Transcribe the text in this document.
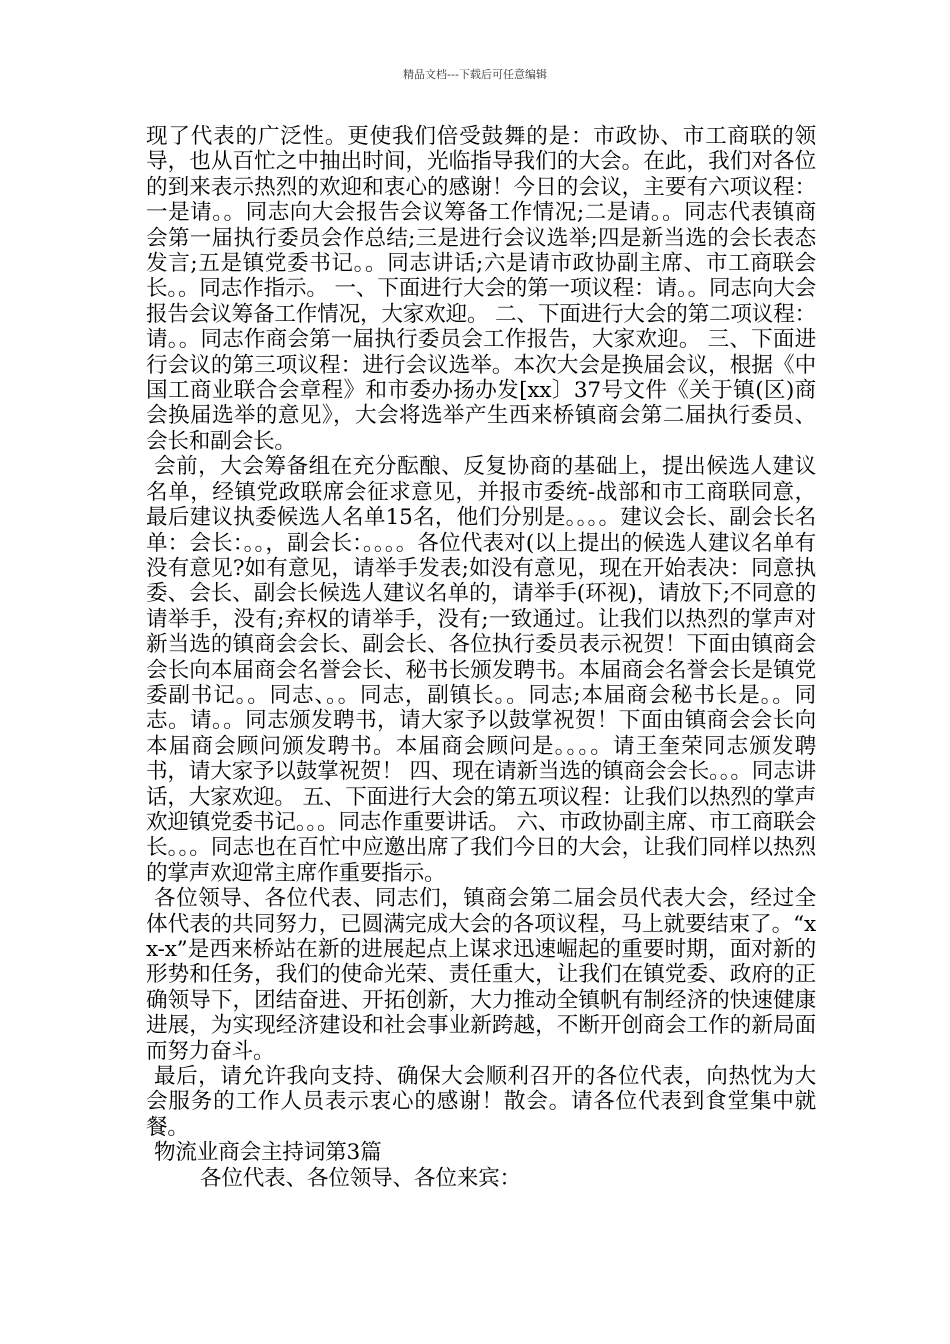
精品文档---下载后可任意编辑

现了代表的广泛性。更使我们倍受鼓舞的是：市政协、市工商联的领导，也从百忙之中抽出时间，光临指导我们的大会。在此，我们对各位的到来表示热烈的欢迎和衷心的感谢！今日的会议，主要有六项议程：一是请。。同志向大会报告会议筹备工作情况;二是请。。同志代表镇商会第一届执行委员会作总结;三是进行会议选举;四是新当选的会长表态发言;五是镇党委书记。。同志讲话;六是请市政协副主席、市工商联会长。。同志作指示。 一、下面进行大会的第一项议程：请。。同志向大会报告会议筹备工作情况，大家欢迎。 二、下面进行大会的第二项议程：请。。同志作商会第一届执行委员会工作报告，大家欢迎。 三、下面进行会议的第三项议程：进行会议选举。本次大会是换届会议，根据《中国工商业联合会章程》和市委办扬办发[xx〕37号文件《关于镇(区)商会换届选举的意见》，大会将选举产生西来桥镇商会第二届执行委员、会长和副会长。

会前，大会筹备组在充分酝酿、反复协商的基础上，提出候选人建议名单，经镇党政联席会征求意见，并报市委统-战部和市工商联同意，最后建议执委候选人名单15名，他们分别是。。。。建议会长、副会长名单：会长：。。，副会长：。。。。各位代表对(以上提出的候选人建议名单有没有意见?如有意见，请举手发表;如没有意见，现在开始表决：同意执委、会长、副会长候选人建议名单的，请举手(环视)，请放下;不同意的请举手，没有;弃权的请举手，没有;一致通过。让我们以热烈的掌声对新当选的镇商会会长、副会长、各位执行委员表示祝贺！下面由镇商会会长向本届商会名誉会长、秘书长颁发聘书。本届商会名誉会长是镇党委副书记。。同志、。。同志，副镇长。。同志;本届商会秘书长是。。同志。请。。同志颁发聘书，请大家予以鼓掌祝贺！下面由镇商会会长向本届商会顾问颁发聘书。本届商会顾问是。。。。请王奎荣同志颁发聘书，请大家予以鼓掌祝贺！ 四、现在请新当选的镇商会会长。。。同志讲话，大家欢迎。 五、下面进行大会的第五项议程：让我们以热烈的掌声欢迎镇党委书记。。。同志作重要讲话。 六、市政协副主席、市工商联会长。。。同志也在百忙中应邀出席了我们今日的大会，让我们同样以热烈的掌声欢迎常主席作重要指示。

各位领导、各位代表、同志们，镇商会第二届会员代表大会，经过全体代表的共同努力，已圆满完成大会的各项议程，马上就要结束了。“xx-x”是西来桥站在新的进展起点上谋求迅速崛起的重要时期，面对新的形势和任务，我们的使命光荣、责任重大，让我们在镇党委、政府的正确领导下，团结奋进、开拓创新，大力推动全镇帆有制经济的快速健康进展，为实现经济建设和社会事业新跨越，不断开创商会工作的新局面而努力奋斗。

最后，请允许我向支持、确保大会顺利召开的各位代表，向热忱为大会服务的工作人员表示衷心的感谢！散会。请各位代表到食堂集中就餐。

物流业商会主持词第3篇

各位代表、各位领导、各位来宾：
